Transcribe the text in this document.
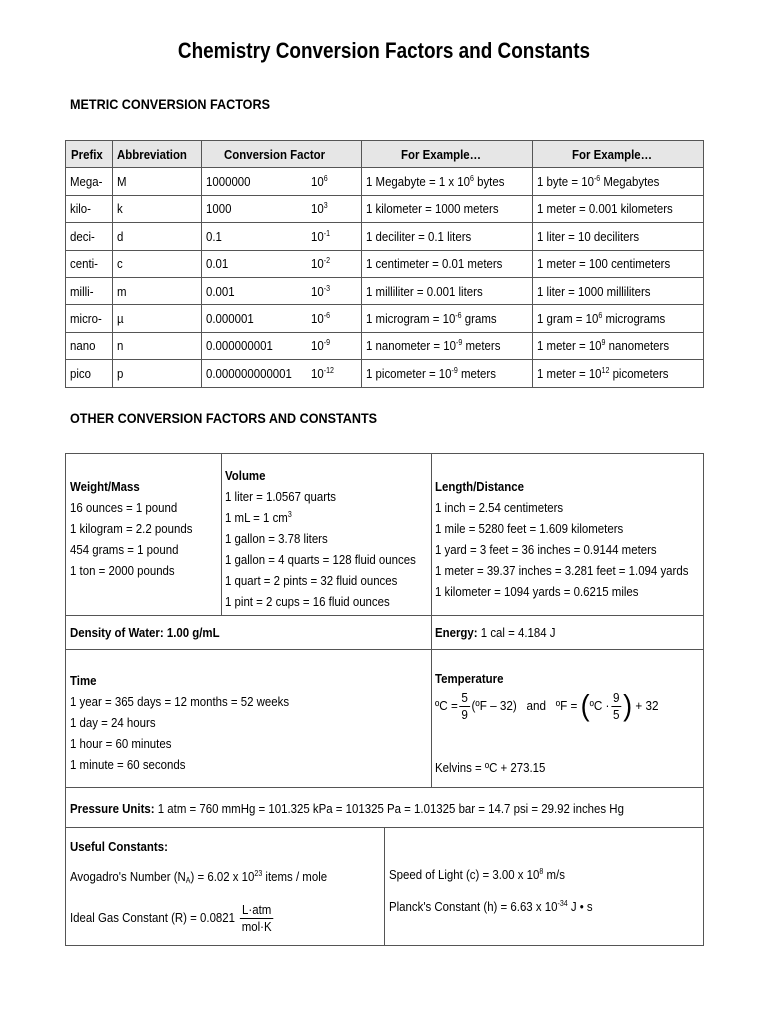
Chemistry Conversion Factors and Constants
METRIC CONVERSION FACTORS
Prefix	Abbreviation	Conversion Factor		For Example…	For Example…
Mega-	M	1000000	$10^6$	1 Megabyte = 1 x $10^6$ bytes	1 byte = $10^{-6}$ Megabytes
kilo-	k	1000	$10^3$	1 kilometer = 1000 meters	1 meter = 0.001 kilometers
deci-	d	0.1	$10^{-1}$	1 deciliter = 0.1 liters	1 liter = 10 deciliters
centi-	c	0.01	$10^{-2}$	1 centimeter = 0.01 meters	1 meter = 100 centimeters
milli-	m	0.001	$10^{-3}$	1 milliliter = 0.001 liters	1 liter = 1000 milliliters
micro-	µ	0.000001	$10^{-6}$	1 microgram = $10^{-6}$ grams	1 gram = $10^6$ micrograms
nano	n	0.000000001	$10^{-9}$	1 nanometer = $10^{-9}$ meters	1 meter = $10^9$ nanometers
pico	p	0.000000000001	$10^{-12}$	1 picometer = $10^{-9}$ meters	1 meter = $10^{12}$ picometers
OTHER CONVERSION FACTORS AND CONSTANTS
Weight/Mass
16 ounces = 1 pound
1 kilogram = 2.2 pounds
454 grams = 1 pound
1 ton = 2000 pounds
Volume
1 liter = 1.0567 quarts
1 mL = 1 $cm^3$
1 gallon = 3.78 liters
1 gallon = 4 quarts = 128 fluid ounces
1 quart = 2 pints = 32 fluid ounces
1 pint = 2 cups = 16 fluid ounces
Length/Distance
1 inch = 2.54 centimeters
1 mile = 5280 feet = 1.609 kilometers
1 yard = 3 feet = 36 inches = 0.9144 meters
1 meter = 39.37 inches = 3.281 feet = 1.094 yards
1 kilometer = 1094 yards = 0.6215 miles
Density of Water: 1.00 g/mL	Energy: 1 cal = 4.184 J
Time
1 year = 365 days = 12 months = 52 weeks
1 day = 24 hours
1 hour = 60 minutes
1 minute = 60 seconds
Temperature
ºC = $\frac{5}{9}$ (ºF – 32) and ºF = (ºC · $\frac{9}{5}$ ) + 32
Kelvins = ºC + 273.15
Pressure Units: 1 atm = 760 mmHg = 101.325 kPa = 101325 Pa = 1.01325 bar = 14.7 psi = 29.92 inches Hg
Useful Constants:
Avogadro's Number $(N_A) = 6.02$ x $10^{23}$ items / mole
Ideal Gas Constant $(R) = 0.0821 \frac{\text{L·atm}}{\text{mol·K}}$
Speed of Light (c) = 3.00 x $10^8$ m/s
Planck's Constant (h) = 6.63 x $10^{-34}$ J • s
